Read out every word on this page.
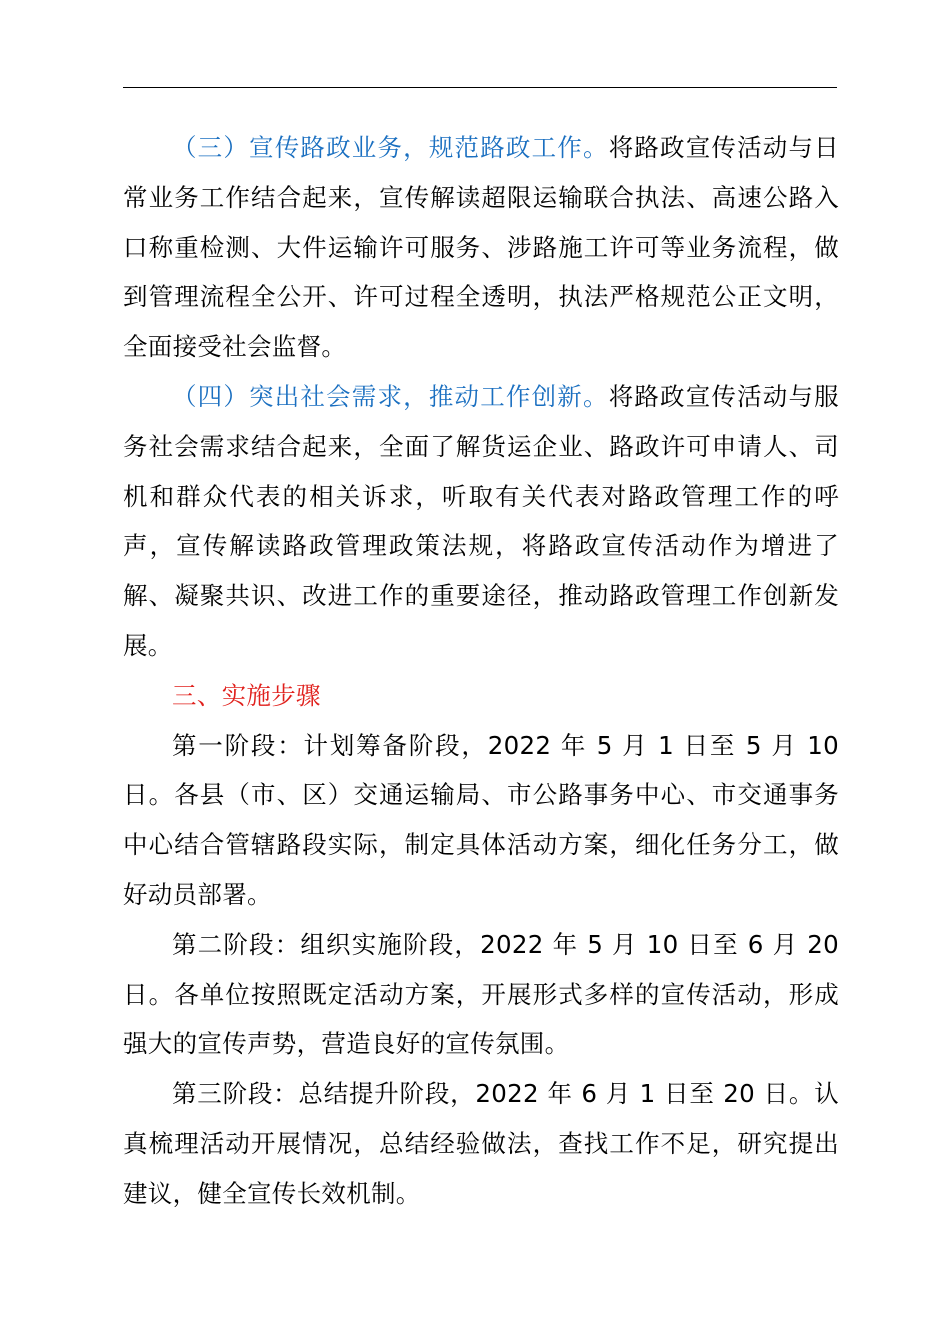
（三）宣传路政业务，规范路政工作。将路政宣传活动与日常业务工作结合起来，宣传解读超限运输联合执法、高速公路入口称重检测、大件运输许可服务、涉路施工许可等业务流程，做到管理流程全公开、许可过程全透明，执法严格规范公正文明，全面接受社会监督。

（四）突出社会需求，推动工作创新。将路政宣传活动与服务社会需求结合起来，全面了解货运企业、路政许可申请人、司机和群众代表的相关诉求，听取有关代表对路政管理工作的呼声，宣传解读路政管理政策法规，将路政宣传活动作为增进了解、凝聚共识、改进工作的重要途径，推动路政管理工作创新发展。

三、实施步骤

第一阶段：计划筹备阶段，2022 年 5 月 1 日至 5 月 10 日。各县（市、区）交通运输局、市公路事务中心、市交通事务中心结合管辖路段实际，制定具体活动方案，细化任务分工，做好动员部署。

第二阶段：组织实施阶段，2022 年 5 月 10 日至 6 月 20日。各单位按照既定活动方案，开展形式多样的宣传活动，形成强大的宣传声势，营造良好的宣传氛围。

第三阶段：总结提升阶段，2022 年 6 月 1 日至 20 日。认真梳理活动开展情况，总结经验做法，查找工作不足，研究提出建议，健全宣传长效机制。
